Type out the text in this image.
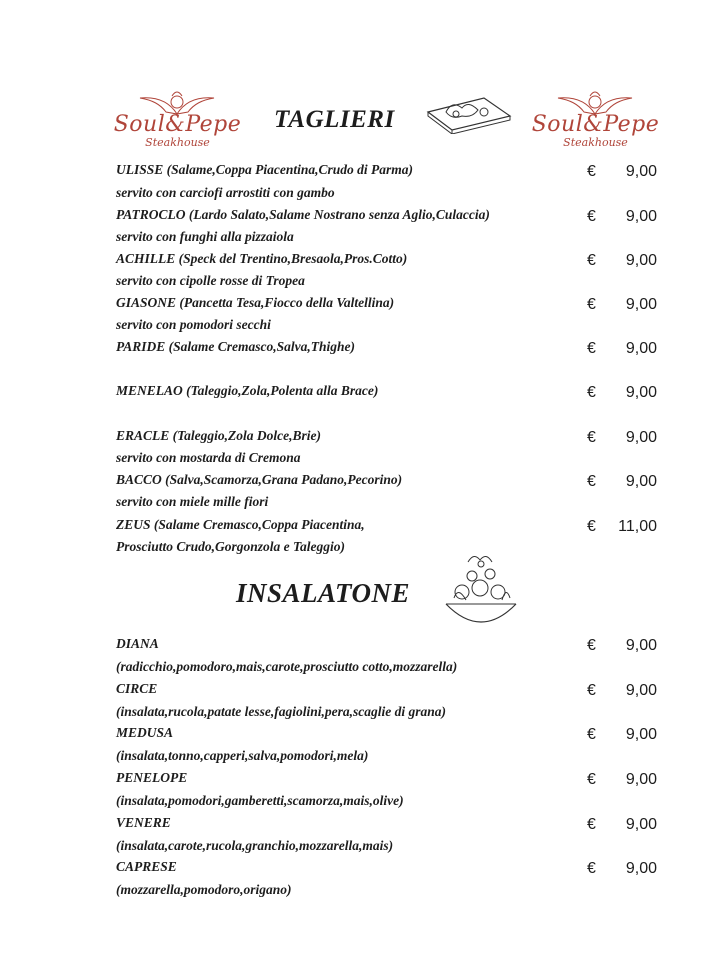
Soul&Pepe
Steakhouse
Soul&Pepe
Steakhouse
TAGLIERI
ULISSE (Salame,Coppa Piacentina,Crudo di Parma)
servito con carciofi arrostiti con gambo
€ 9,00
PATROCLO (Lardo Salato,Salame Nostrano senza Aglio,Culaccia)
servito con funghi alla pizzaiola
€ 9,00
ACHILLE (Speck del Trentino,Bresaola,Pros.Cotto)
servito con cipolle rosse di Tropea
€ 9,00
GIASONE (Pancetta Tesa,Fiocco della Valtellina)
servito con pomodori secchi
€ 9,00
PARIDE (Salame Cremasco,Salva,Thighe)	€ 9,00
MENELAO (Taleggio,Zola,Polenta alla Brace)	€ 9,00
ERACLE (Taleggio,Zola Dolce,Brie)
servito con mostarda di Cremona
€ 9,00
BACCO (Salva,Scamorza,Grana Padano,Pecorino)
servito con miele mille fiori
€ 9,00
ZEUS (Salame Cremasco,Coppa Piacentina,
Prosciutto Crudo,Gorgonzola e Taleggio)
€ 11,00
INSALATONE
DIANA
(radicchio,pomodoro,mais,carote,prosciutto cotto,mozzarella)
€ 9,00
CIRCE
(insalata,rucola,patate lesse,fagiolini,pera,scaglie di grana)
€ 9,00
MEDUSA
(insalata,tonno,capperi,salva,pomodori,mela)
€ 9,00
PENELOPE
(insalata,pomodori,gamberetti,scamorza,mais,olive)
€ 9,00
VENERE
(insalata,carote,rucola,granchio,mozzarella,mais)
€ 9,00
CAPRESE
(mozzarella,pomodoro,origano)
€ 9,00
